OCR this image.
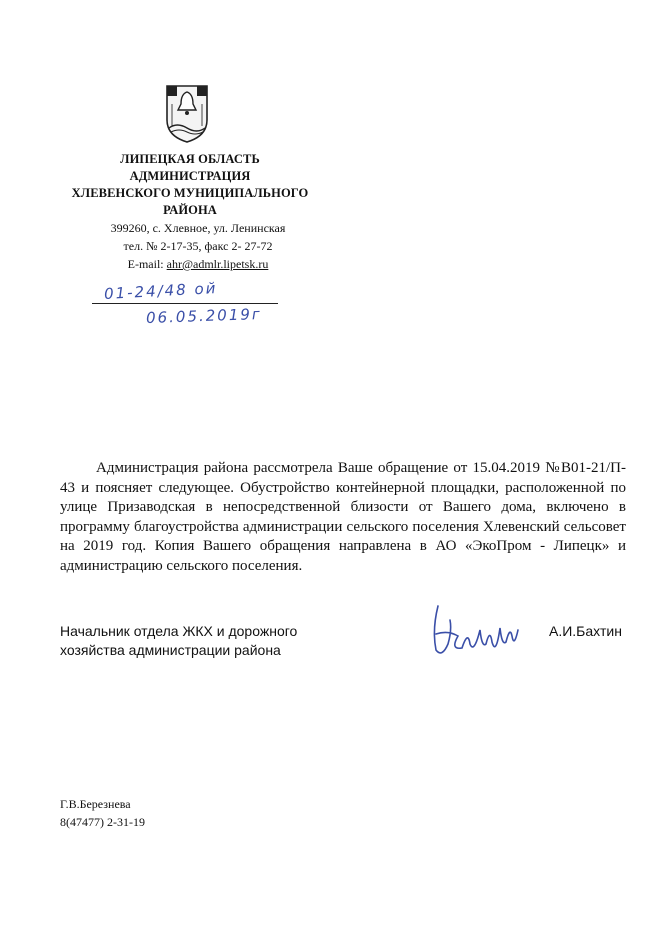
ЛИПЕЦКАЯ ОБЛАСТЬ
АДМИНИСТРАЦИЯ
ХЛЕВЕНСКОГО МУНИЦИПАЛЬНОГО
РАЙОНА
399260, с. Хлевное, ул. Ленинская
тел. № 2-17-35, факс 2- 27-72
E-mail: ahr@admlr.lipetsk.ru
01-24/48 ой
06.05.2019г
Администрация района рассмотрела Ваше обращение от 15.04.2019 №В01-21/П- 43 и поясняет следующее. Обустройство контейнерной площадки, расположенной по улице Призаводская в непосредственной близости от Вашего дома, включено в программу благоустройства администрации сельского поселения Хлевенский сельсовет на 2019 год. Копия Вашего обращения направлена в АО «ЭкоПром - Липецк» и администрацию сельского поселения.
Начальник отдела ЖКХ и дорожного
хозяйства администрации района
А.И.Бахтин
Г.В.Березнева
8(47477) 2-31-19
